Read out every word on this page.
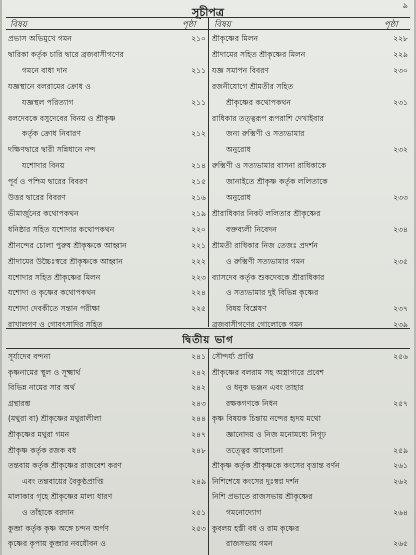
৯
সূচীপত্র
বিষয়	পৃষ্ঠা বিষয়	পৃষ্ঠা
প্রভাস অভিমুখে গমন	২১০
দ্বারিকা কর্তৃক চারি দ্বারে ব্রজবাসীগণের
গমনে বাধা দান	২১১
যজ্ঞস্থানে বলরামের ক্রোধ ও
যজ্ঞস্থল পরিত্যাগ	২১১
বলদেবকে বসুদেবের বিনয় ও শ্রীকৃষ্ণ
কর্তৃক ক্রোধ নিবারণ	২১২
দক্ষিণদ্বারে দ্বারী সন্নিধানে নন্দ
যশোদার বিনয়	২১৪
পূর্ব ও পশ্চিম দ্বারের বিবরণ	২১৫
উত্তর দ্বারের বিবরণ	২১৬
ভীমার্জুনের কথোপকথন	২১৯
ধনিষ্ঠার সহিত যশোদার কথোপকথন	২২০
শ্রীনন্দের চোলা পুরুষ শ্রীকৃষ্ণকে আহ্বান	২২১
শ্রীদামের উচ্চৈঃস্বরে শ্রীকৃষ্ণকে আহ্বান	২২২
যশোদার সহিত শ্রীকৃষ্ণের মিলন	২২৩
যশোদা ও কৃষ্ণের কথোপকথন	২২৪
যশোদা দেবকীতে সন্তান পরীক্ষা	২২৫
রাখালগণ ও গোবৎসাদির সহিত
শ্রীকৃষ্ণের মিলন	২২৮
শ্রীদামের সহিত শ্রীকৃষ্ণের মিলন	২২৯
যজ্ঞ সমাপন বিবরণ	২৩০
রজনীযোগে শ্রীমতীর সহিত
শ্রীকৃষ্ণের কথোপকথন	২৩১
রাধিকার তত্ত্বরূপ রূপরাশি দেখাইবার
জন্য রুক্মিণী ও সত্যভামার
অনুরোধ	২৩২
রুক্মিণী ও সত্যভামার বাসনা রাধিকাকে
জানাইতে শ্রীকৃষ্ণ কর্তৃক ললিতাকে
অনুরোধ	২৩৩
শ্রীরাধিকার নিকট ললিতার শ্রীকৃষ্ণের
বক্তব্যলী নিবেদন	২৩৪
শ্রীমতী রাধিকার নিজ তেজঃ প্রদর্শন
ও রুক্মিণী সত্যভামার গমন	২৩৫
ব্যাসদেব কর্তৃক শুকদেবকে শ্রীরাধিকার
ও সত্যভামার দুই বিভিন্ন কৃষ্ণের
বিষয় বিশ্লেষণ	২৩৭
ব্রজবাসীগণের গোলোকে গমন	২৩৯
দ্বিতীয় ভাগ
সূর্য্যদেব বন্দনা	২৪১
কৃষ্ণনামের স্থূল ও সূক্ষ্মার্থ	২৪২
বিভিন্ন নামের সার অর্থ	২৪২
গ্রন্থারম্ভ	২৪৩
(মথুরা বা) শ্রীকৃষ্ণের মথুরালীলা	২৪৪
শ্রীকৃষ্ণের মথুরা গমন	২৪৭
শ্রীকৃষ্ণ কর্তৃক রজক বধ	২৪৮
তন্তবায় কর্তৃক শ্রীকৃষ্ণের রাজবেশ করণ
এবং তন্তবায়ের বৈকুণ্ঠপ্রাপ্তি	২৪৯
মালাকার গৃহে শ্রীকৃষ্ণের মাল্য ধারণ
ও তাঁহাকে বরদান	২৫১
কুব্জা কর্তৃক কৃষ্ণ অঙ্গে চন্দন অর্পণ	২৫৩
কৃষ্ণের কৃপায় কুব্জার নবযৌবন ও
সৌন্দর্য্য প্রাপ্তি	২৫৬
শ্রীকৃষ্ণের বলরাম সহ অস্ত্রাগারে প্রবেশ
ও ধনুক ভঞ্জন এবং তাহার
রক্ষকগণকে নিধন	২৫৭
কৃষ্ণ বিষয়ক চিন্তায় নন্দের হৃদয় মথো
জ্ঞানোদয় ও নিজ মনোমধ্যে নিগূঢ়
তত্ত্বের আলোচনা	২৫৯
শ্রীকৃষ্ণ কর্তৃক শ্রীকৃষ্ণকে কংসের বৃত্তান্ত বর্ণন	২৬১
নিশিশেষে কংসের দুঃস্বপ্ন দর্শন	২৬২
নিশি প্রভাতে রাজসভায় শ্রীকৃষ্ণের
গমনোদ্যোগ	২৬৪
কুবলয় হস্তী বধ ও রাম কৃষ্ণের
রাজসভায় গমন	২৬৫
